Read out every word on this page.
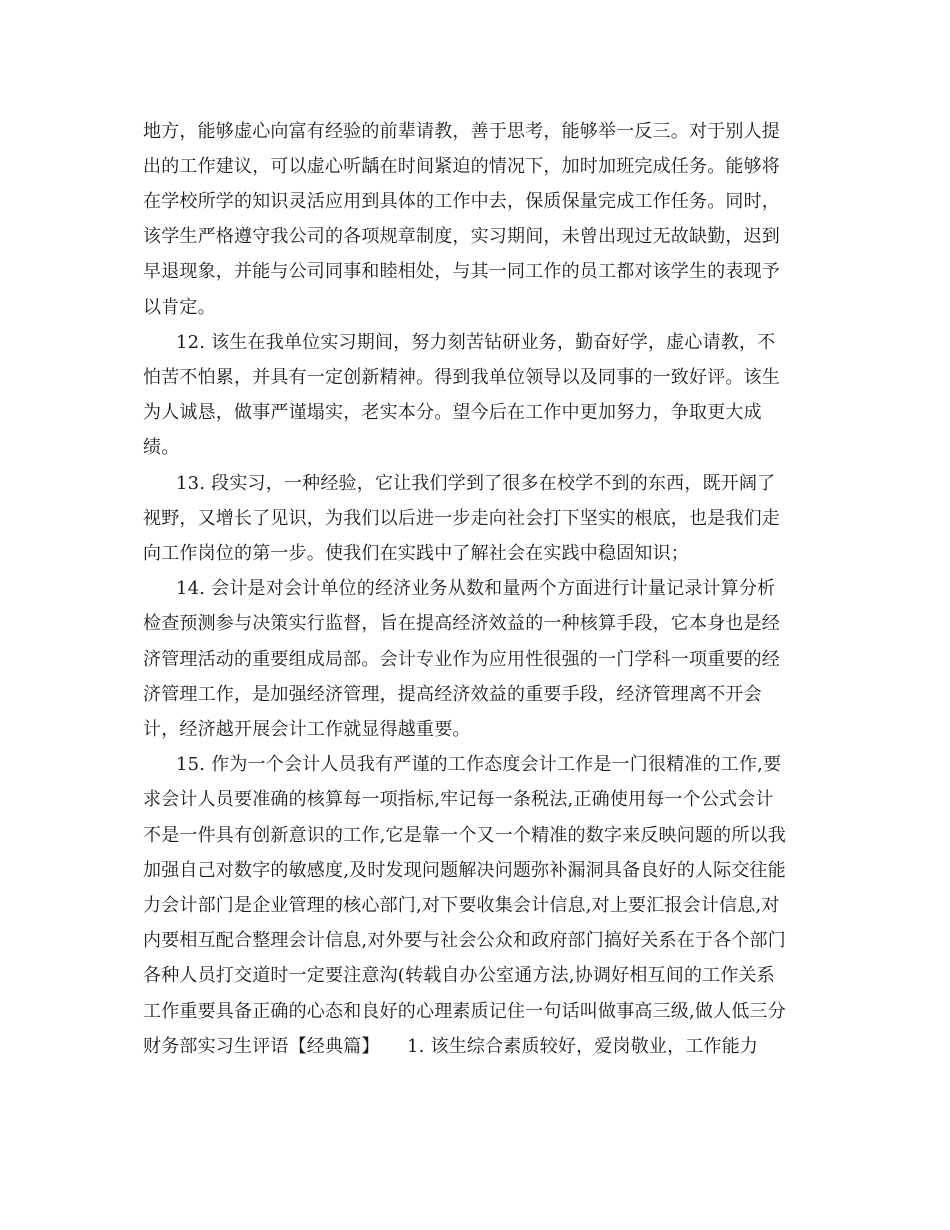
地方，能够虚心向富有经验的前辈请教，善于思考，能够举一反三。对于别人提
出的工作建议，可以虚心听龋在时间紧迫的情况下，加时加班完成任务。能够将
在学校所学的知识灵活应用到具体的工作中去，保质保量完成工作任务。同时，
该学生严格遵守我公司的各项规章制度，实习期间，未曾出现过无故缺勤，迟到
早退现象，并能与公司同事和睦相处，与其一同工作的员工都对该学生的表现予
以肯定。
12. 该生在我单位实习期间，努力刻苦钻研业务，勤奋好学，虚心请教，不
怕苦不怕累，并具有一定创新精神。得到我单位领导以及同事的一致好评。该生
为人诚恳，做事严谨塌实，老实本分。望今后在工作中更加努力，争取更大成
绩。
13. 段实习，一种经验，它让我们学到了很多在校学不到的东西，既开阔了
视野，又增长了见识，为我们以后进一步走向社会打下坚实的根底，也是我们走
向工作岗位的第一步。使我们在实践中了解社会在实践中稳固知识；
14. 会计是对会计单位的经济业务从数和量两个方面进行计量记录计算分析
检查预测参与决策实行监督，旨在提高经济效益的一种核算手段，它本身也是经
济管理活动的重要组成局部。会计专业作为应用性很强的一门学科一项重要的经
济管理工作，是加强经济管理，提高经济效益的重要手段，经济管理离不开会
计，经济越开展会计工作就显得越重要。
15. 作为一个会计人员我有严谨的工作态度会计工作是一门很精准的工作,要
求会计人员要准确的核算每一项指标,牢记每一条税法,正确使用每一个公式会计
不是一件具有创新意识的工作,它是靠一个又一个精准的数字来反映问题的所以我
加强自己对数字的敏感度,及时发现问题解决问题弥补漏洞具备良好的人际交往能
力会计部门是企业管理的核心部门,对下要收集会计信息,对上要汇报会计信息,对
内要相互配合整理会计信息,对外要与社会公众和政府部门搞好关系在于各个部门
各种人员打交道时一定要注意沟(转载自办公室通方法,协调好相互间的工作关系
工作重要具备正确的心态和良好的心理素质记住一句话叫做事高三级,做人低三分
财务部实习生评语【经典篇】　　1. 该生综合素质较好，爱岗敬业，工作能力
